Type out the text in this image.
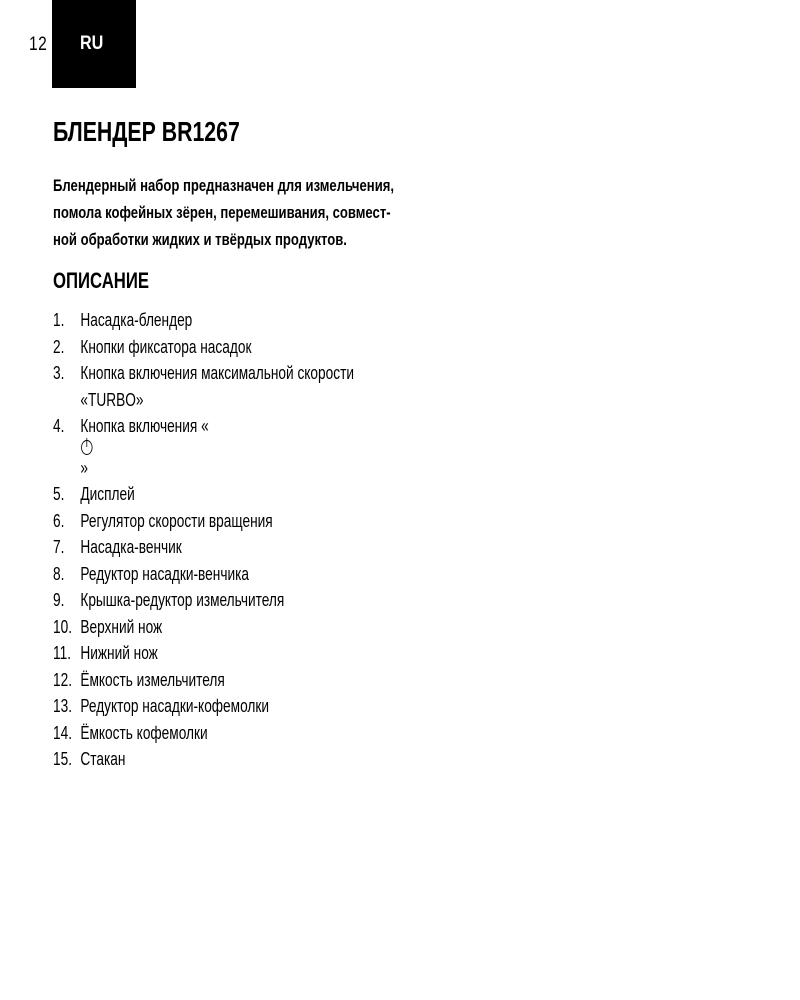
12 RU
БЛЕНДЕР BR1267

Блендерный набор предназначен для измельчения,
помола кофейных зёрен, перемешивания, совмест-
ной обработки жидких и твёрдых продуктов.

ОПИСАНИЕ
1. Насадка-блендер
2. Кнопки фиксатора насадок
3. Кнопка включения максимальной скорости
«TURBO»
4. Кнопка включения «
»
5. Дисплей
6. Регулятор скорости вращения
7. Насадка-венчик
8. Редуктор насадки-венчика
9. Крышка-редуктор измельчителя
10. Верхний нож
11. Нижний нож
12. Ёмкость измельчителя
13. Редуктор насадки-кофемолки
14. Ёмкость кофемолки
15. Стакан
